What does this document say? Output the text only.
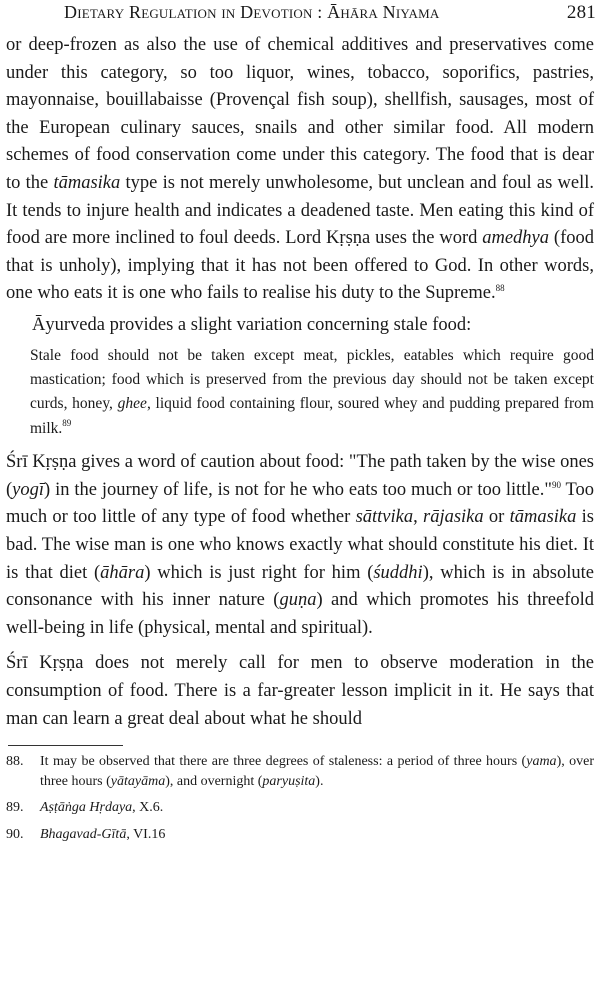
Dietary Regulation in Devotion : Āhāra Niyama	281

or deep-frozen as also the use of chemical additives and preservatives come under this category, so too liquor, wines, tobacco, soporifics, pastries, mayonnaise, bouillabaisse (Provençal fish soup), shellfish, sausages, most of the European culinary sauces, snails and other similar food. All modern schemes of food conservation come under this category. The food that is dear to the tāmasika type is not merely unwholesome, but unclean and foul as well. It tends to injure health and indicates a deadened taste. Men eating this kind of food are more inclined to foul deeds. Lord Kṛṣṇa uses the word amedhya (food that is unholy), implying that it has not been offered to God. In other words, one who eats it is one who fails to realise his duty to the Supreme.$^{88}$

Āyurveda provides a slight variation concerning stale food:

Stale food should not be taken except meat, pickles, eatables which require good mastication; food which is preserved from the previous day should not be taken except curds, honey, ghee, liquid food containing flour, soured whey and pudding prepared from milk.$^{89}$

Śrī Kṛṣṇa gives a word of caution about food: "The path taken by the wise ones (yogī) in the journey of life, is not for he who eats too much or too little."$^{90}$ Too much or too little of any type of food whether sāttvika, rājasika or tāmasika is bad. The wise man is one who knows exactly what should constitute his diet. It is that diet (āhāra) which is just right for him (śuddhi), which is in absolute consonance with his inner nature (guṇa) and which promotes his threefold well-being in life (physical, mental and spiritual).

Śrī Kṛṣṇa does not merely call for men to observe moderation in the consumption of food. There is a far-greater lesson implicit in it. He says that man can learn a great deal about what he should

88.	It may be observed that there are three degrees of staleness: a period of three hours (yama), over three hours (yātayāma), and overnight (paryuṣita).
89.	Aṣṭāṅga Hṛdaya, X.6.
90.	Bhagavad-Gītā, VI.16
